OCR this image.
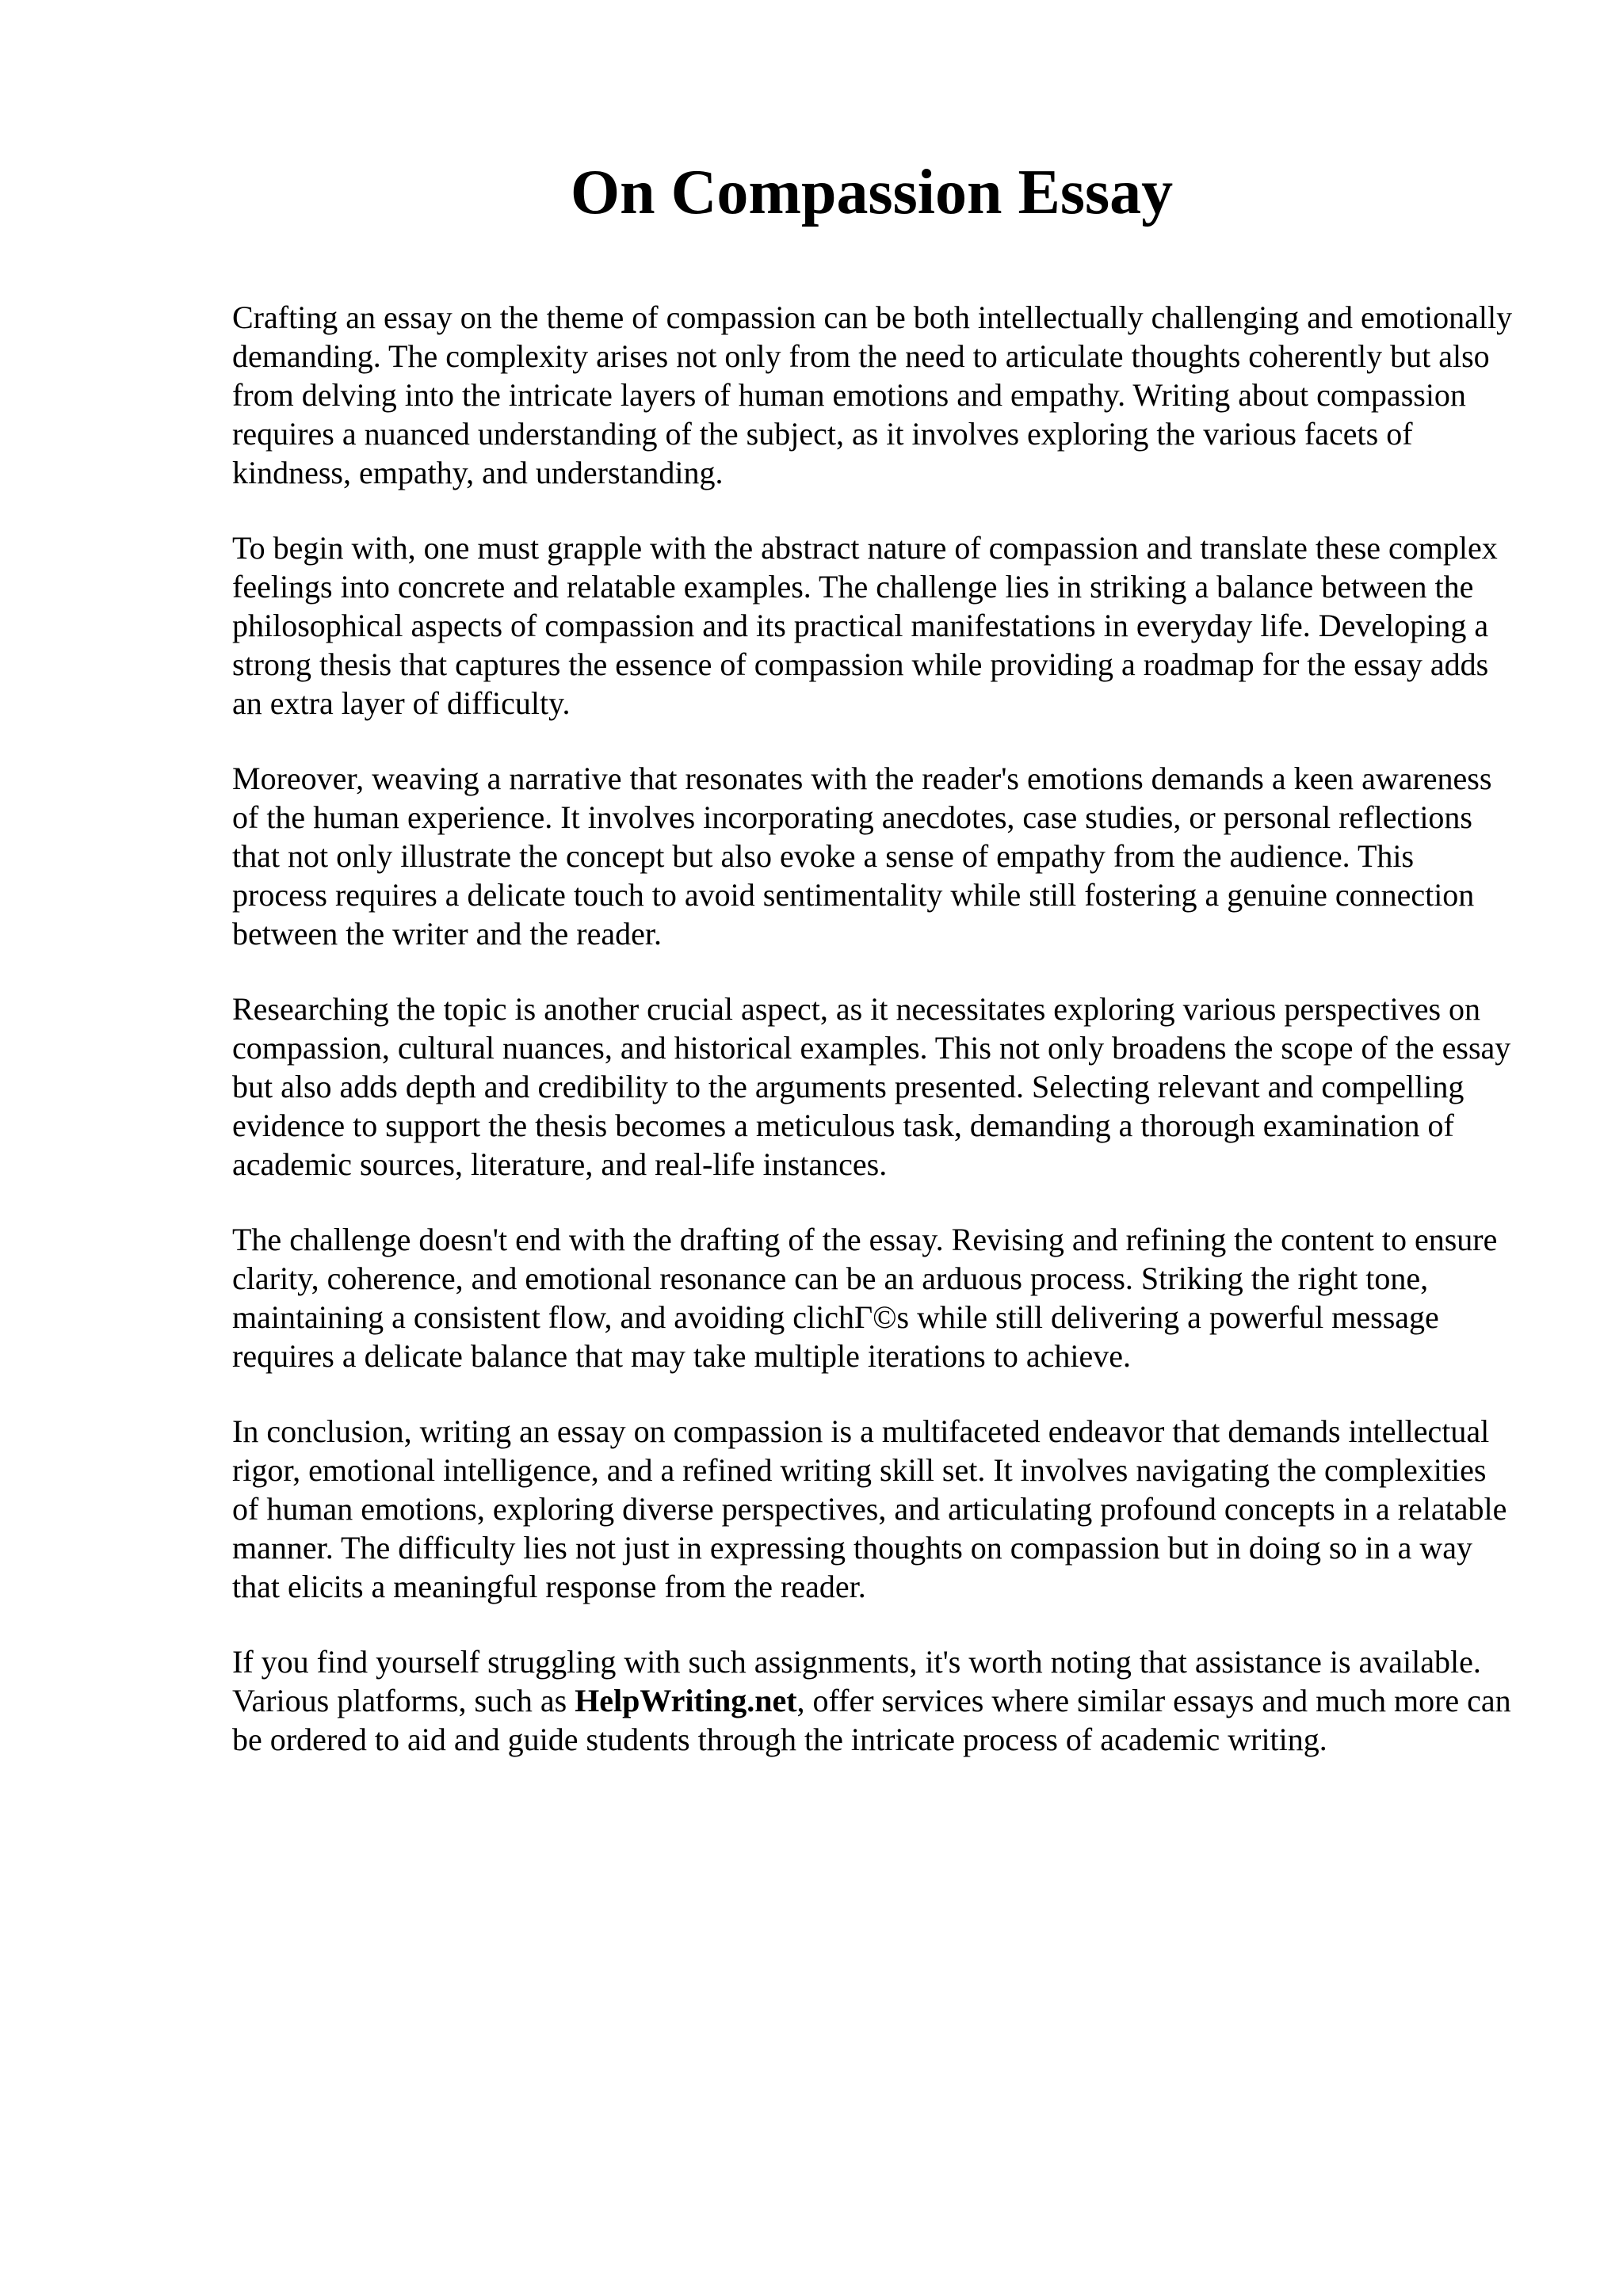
On Compassion Essay

Crafting an essay on the theme of compassion can be both intellectually challenging and emotionally demanding. The complexity arises not only from the need to articulate thoughts coherently but also from delving into the intricate layers of human emotions and empathy. Writing about compassion requires a nuanced understanding of the subject, as it involves exploring the various facets of kindness, empathy, and understanding.

To begin with, one must grapple with the abstract nature of compassion and translate these complex feelings into concrete and relatable examples. The challenge lies in striking a balance between the philosophical aspects of compassion and its practical manifestations in everyday life. Developing a strong thesis that captures the essence of compassion while providing a roadmap for the essay adds an extra layer of difficulty.

Moreover, weaving a narrative that resonates with the reader's emotions demands a keen awareness of the human experience. It involves incorporating anecdotes, case studies, or personal reflections that not only illustrate the concept but also evoke a sense of empathy from the audience. This process requires a delicate touch to avoid sentimentality while still fostering a genuine connection between the writer and the reader.

Researching the topic is another crucial aspect, as it necessitates exploring various perspectives on compassion, cultural nuances, and historical examples. This not only broadens the scope of the essay but also adds depth and credibility to the arguments presented. Selecting relevant and compelling evidence to support the thesis becomes a meticulous task, demanding a thorough examination of academic sources, literature, and real-life instances.

The challenge doesn't end with the drafting of the essay. Revising and refining the content to ensure clarity, coherence, and emotional resonance can be an arduous process. Striking the right tone, maintaining a consistent flow, and avoiding clichΓ©s while still delivering a powerful message requires a delicate balance that may take multiple iterations to achieve.

In conclusion, writing an essay on compassion is a multifaceted endeavor that demands intellectual rigor, emotional intelligence, and a refined writing skill set. It involves navigating the complexities of human emotions, exploring diverse perspectives, and articulating profound concepts in a relatable manner. The difficulty lies not just in expressing thoughts on compassion but in doing so in a way that elicits a meaningful response from the reader.

If you find yourself struggling with such assignments, it's worth noting that assistance is available. Various platforms, such as HelpWriting.net, offer services where similar essays and much more can be ordered to aid and guide students through the intricate process of academic writing.
